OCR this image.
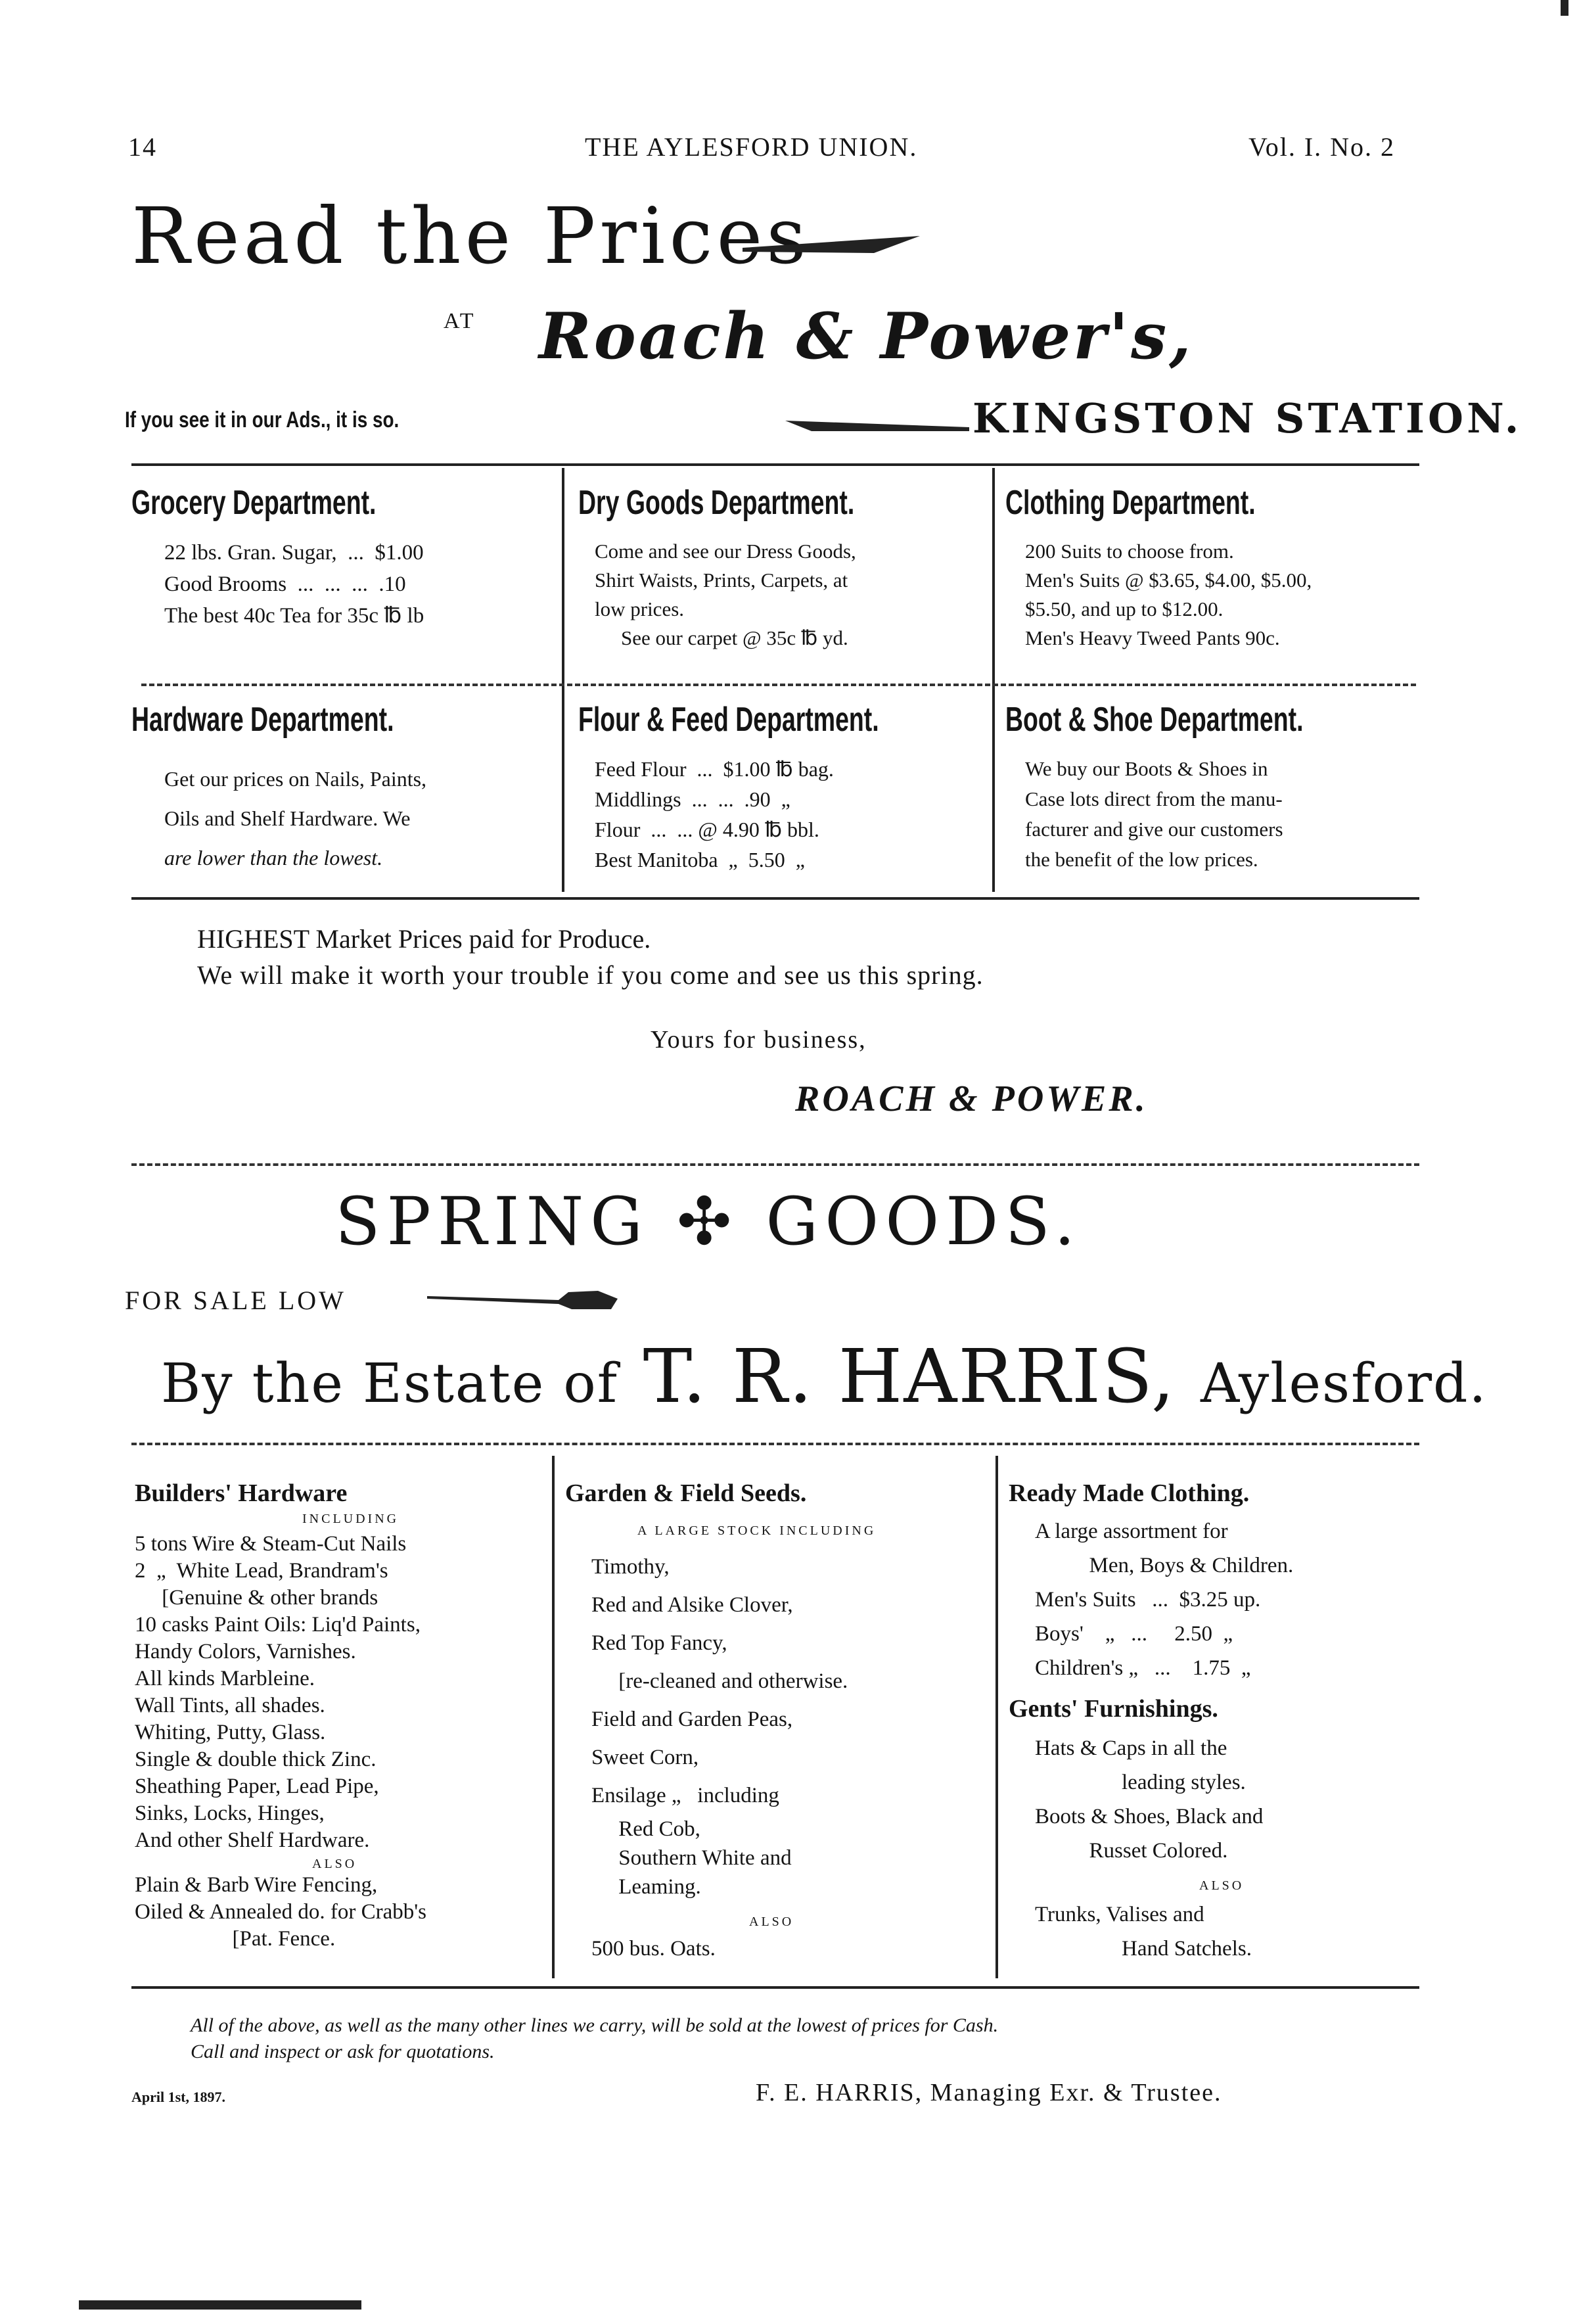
14	THE AYLESFORD UNION.	Vol. I. No. 2
Read the Prices
AT Roach & Power's,
If you see it in our Ads., it is so.	KINGSTON STATION.
Grocery Department.
22 lbs. Gran. Sugar,  ...  $1.00
Good Brooms  ...  ...  ...  .10
The best 40c Tea for 35c ℔ lb
Dry Goods Department.
Come and see our Dress Goods,
Shirt Waists, Prints, Carpets, at
low prices.
See our carpet @ 35c ℔ yd.
Clothing Department.
200 Suits to choose from.
Men's Suits @ $3.65, $4.00, $5.00,
$5.50, and up to $12.00.
Men's Heavy Tweed Pants 90c.
Hardware Department.
Get our prices on Nails, Paints,
Oils and Shelf Hardware. We
are lower than the lowest.
Flour & Feed Department.
Feed Flour  ...  $1.00 ℔ bag.
Middlings  ...  ...  .90  „
Flour  ...  ... @ 4.90 ℔ bbl.
Best Manitoba  „  5.50  „
Boot & Shoe Department.
We buy our Boots & Shoes in
Case lots direct from the manu-
facturer and give our customers
the benefit of the low prices.
HIGHEST Market Prices paid for Produce.
We will make it worth your trouble if you come and see us this spring.
Yours for business,
ROACH & POWER.
SPRING ✣ GOODS.
FOR SALE LOW
By the Estate of T. R. HARRIS, Aylesford.
Builders' Hardware
INCLUDING
5 tons Wire & Steam-Cut Nails
2  „  White Lead, Brandram's
[Genuine & other brands
10 casks Paint Oils: Liq'd Paints,
Handy Colors, Varnishes.
All kinds Marbleine.
Wall Tints, all shades.
Whiting, Putty, Glass.
Single & double thick Zinc.
Sheathing Paper, Lead Pipe,
Sinks, Locks, Hinges,
And other Shelf Hardware.
ALSO
Plain & Barb Wire Fencing,
Oiled & Annealed do. for Crabb's
[Pat. Fence.
Garden & Field Seeds.
A LARGE STOCK INCLUDING
Timothy,
Red and Alsike Clover,
Red Top Fancy,
[re-cleaned and otherwise.
Field and Garden Peas,
Sweet Corn,
Ensilage „   including
Red Cob,
Southern White and
Leaming.
ALSO
500 bus. Oats.
Ready Made Clothing.
A large assortment for
Men, Boys & Children.
Men's Suits   ...  $3.25 up.
Boys'    „   ...     2.50  „
Children's „   ...    1.75  „
Gents' Furnishings.
Hats & Caps in all the
leading styles.
Boots & Shoes, Black and
Russet Colored.
ALSO
Trunks, Valises and
Hand Satchels.
All of the above, as well as the many other lines we carry, will be sold at the lowest of prices for Cash.
Call and inspect or ask for quotations.
April 1st, 1897.	F. E. HARRIS, Managing Exr. & Trustee.
